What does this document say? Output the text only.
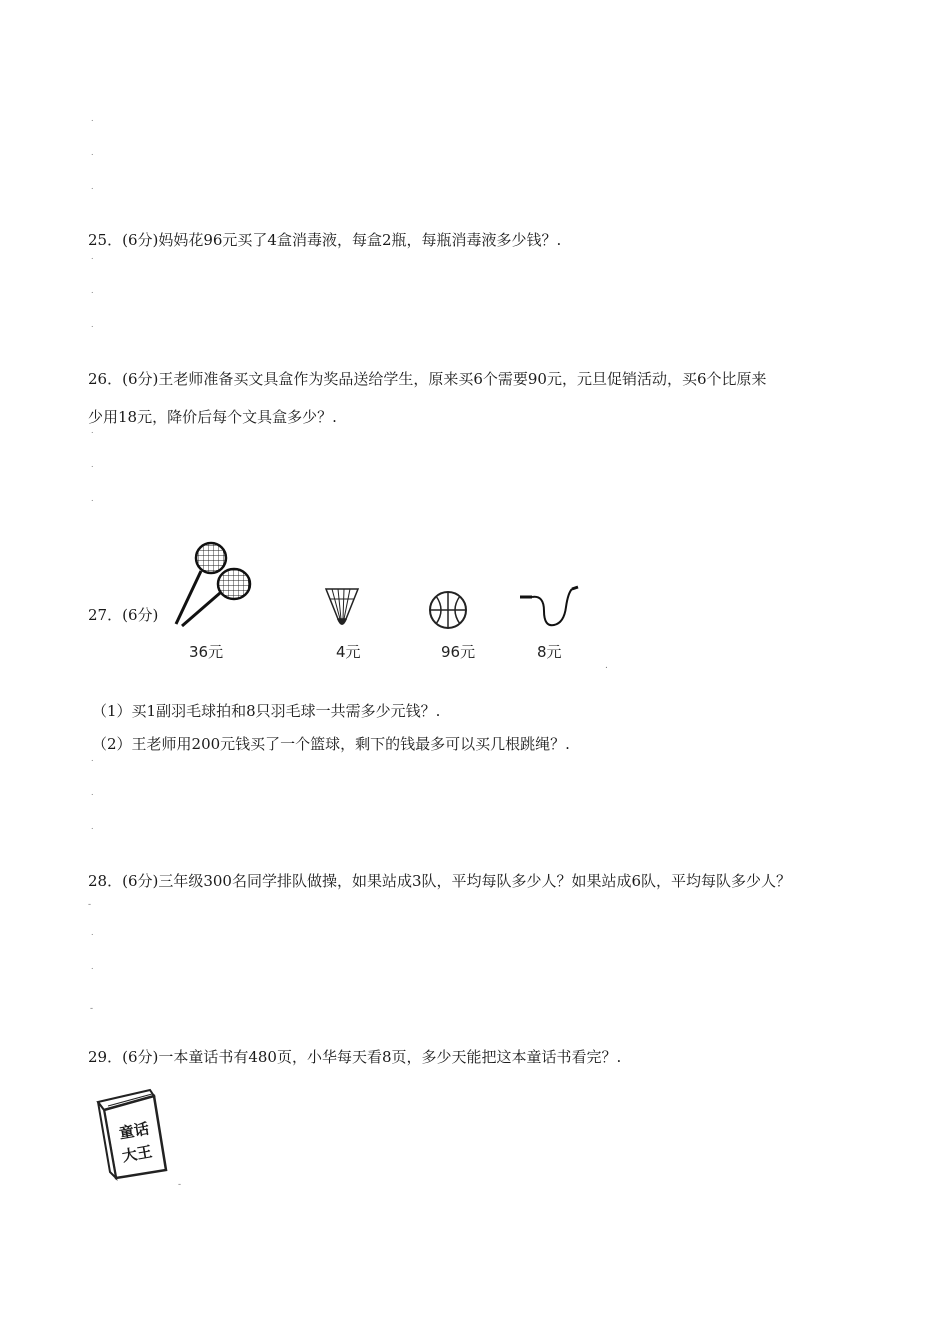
˙
˙
˙
25．(6分)妈妈花96元买了4盒消毒液，每盒2瓶，每瓶消毒液多少钱？.
˙
˙
˙
26．(6分)王老师准备买文具盒作为奖品送给学生，原来买6个需要90元，元旦促销活动，买6个比原来
少用18元，降价后每个文具盒多少？.
˙
˙
˙
27．(6分)
36元	4元	96元	8元
.
（1）买1副羽毛球拍和8只羽毛球一共需多少元钱？.
（2）王老师用200元钱买了一个篮球，剩下的钱最多可以买几根跳绳？.
˙
˙
˙
28．(6分)三年级300名同学排队做操，如果站成3队，平均每队多少人？如果站成6队，平均每队多少人？
-
˙
˙
-
29．(6分)一本童话书有480页，小华每天看8页，多少天能把这本童话书看完？.
童话
大王
-
